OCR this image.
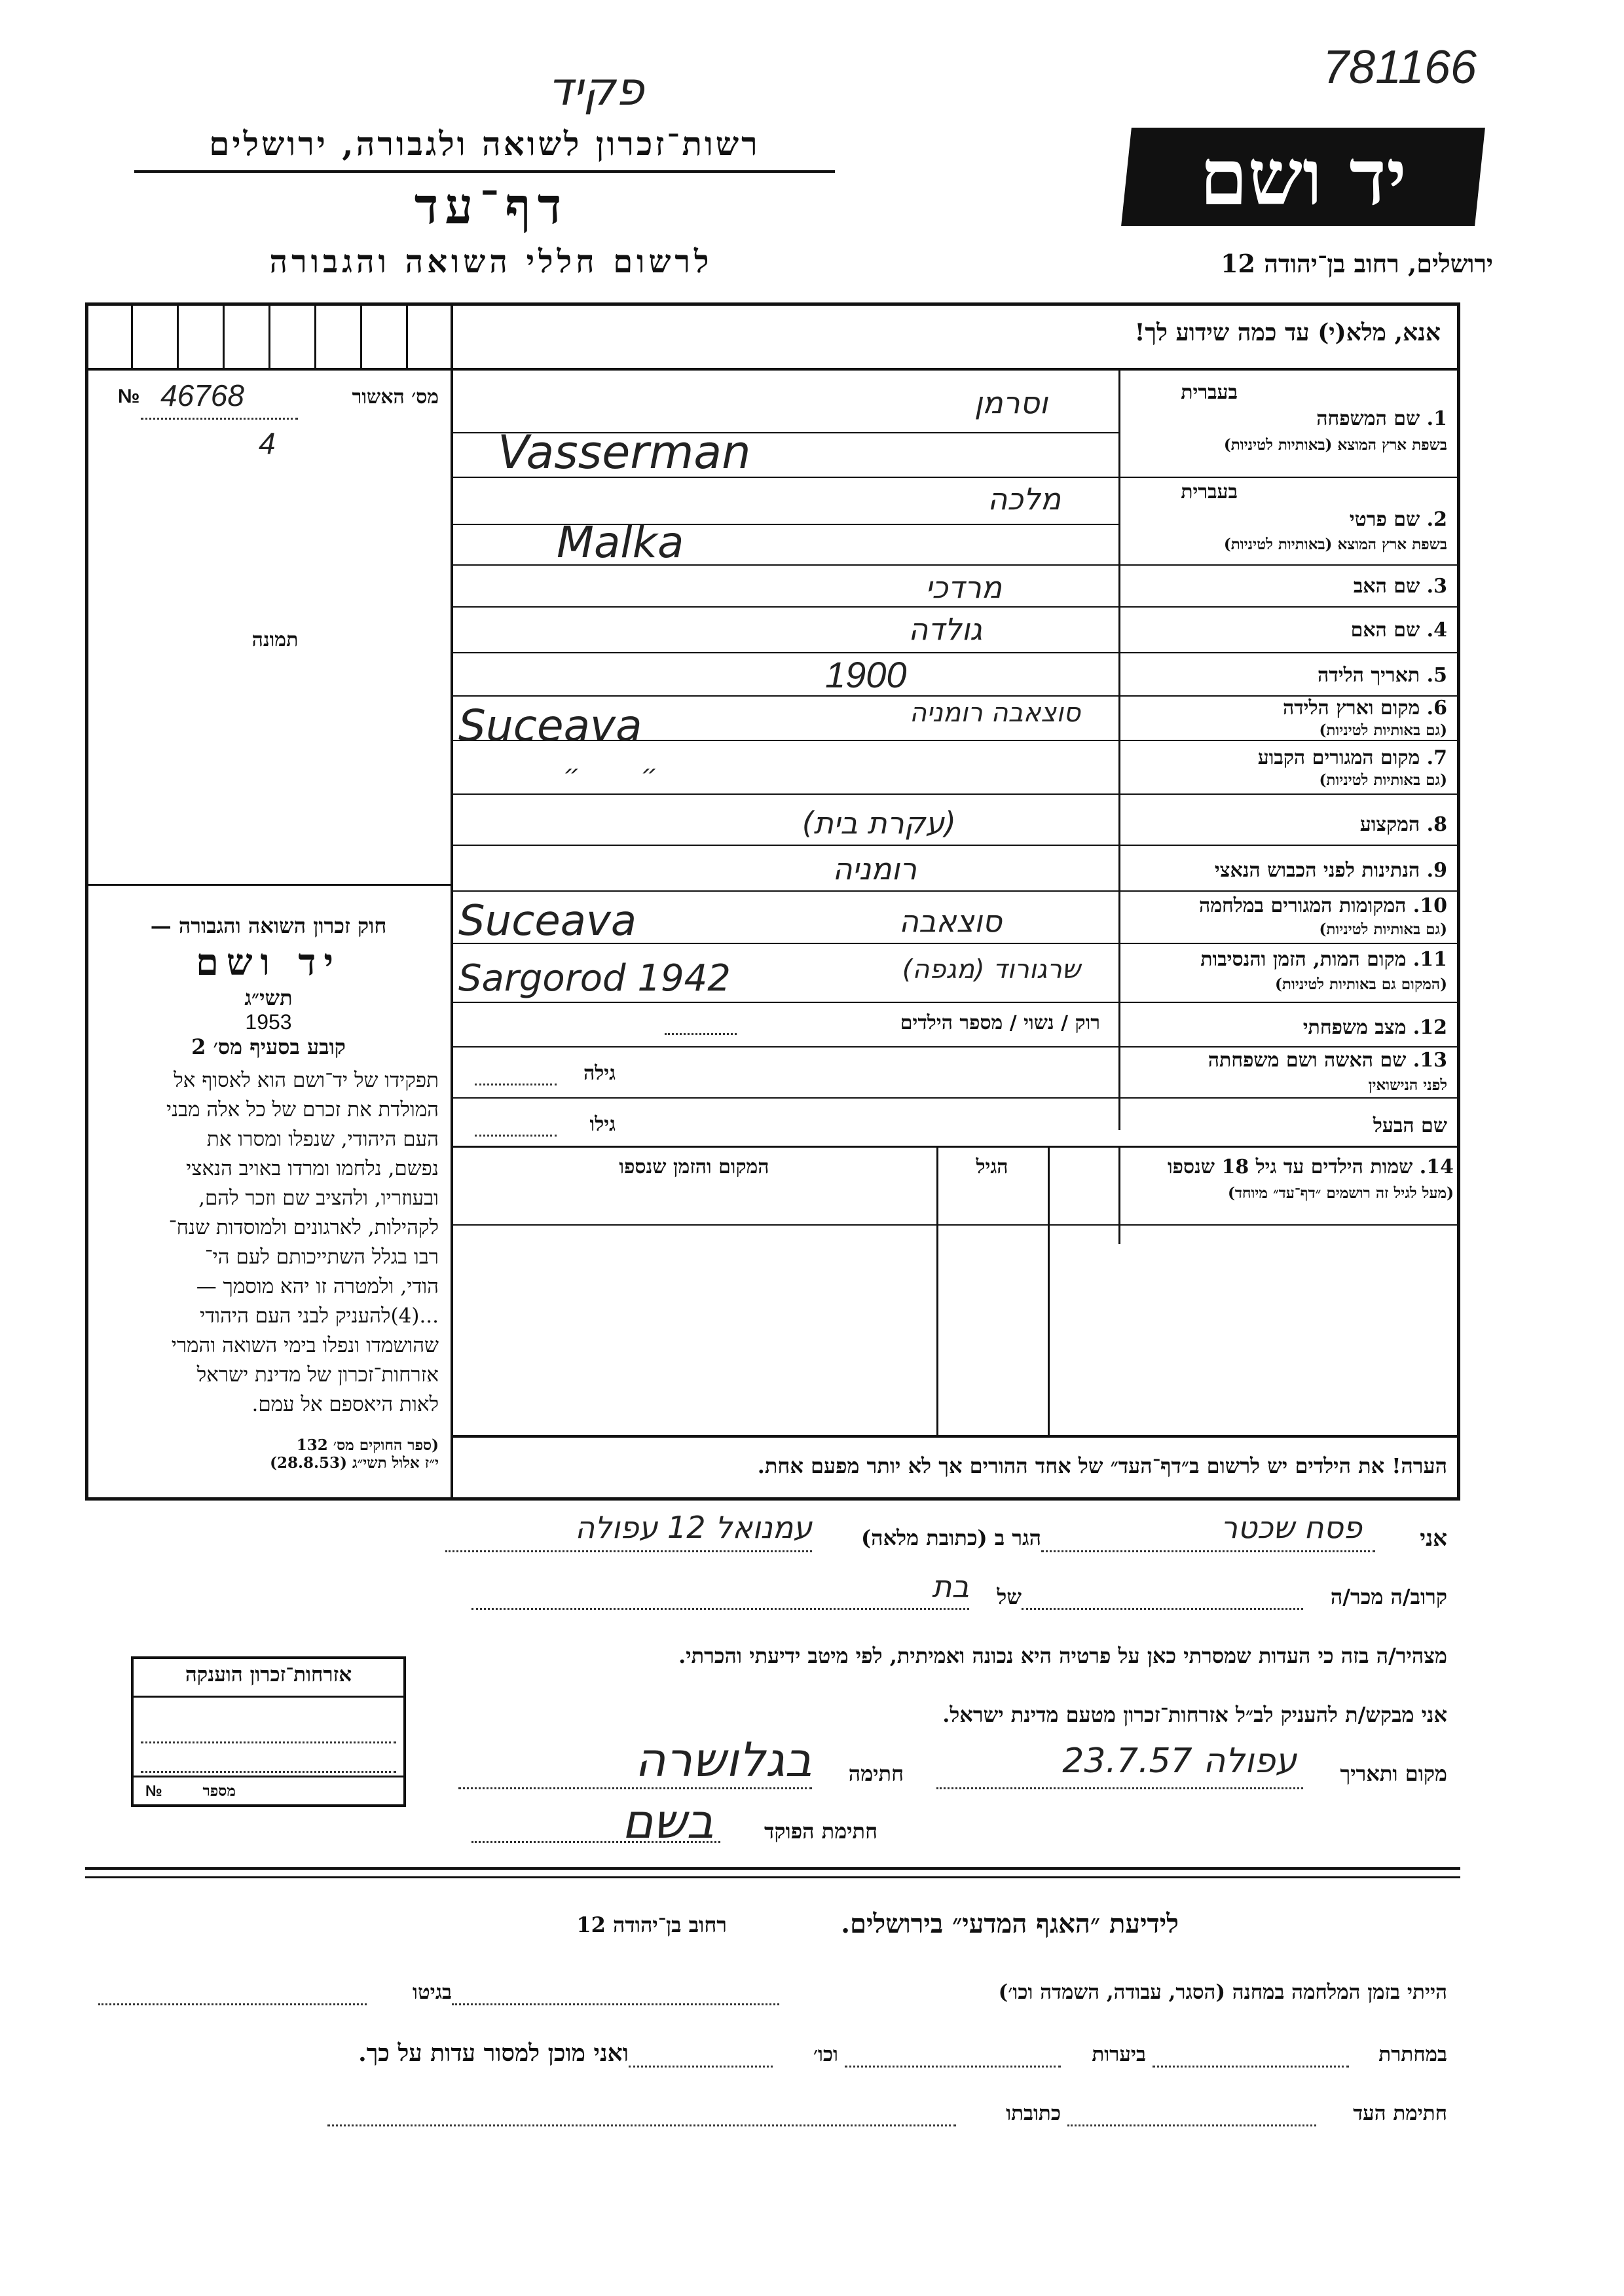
פקיד	781166
רשות־זכרון לשואה ולגבורה, ירושלים
דף־עד
לרשום חללי השואה והגבורה
יד ושם
ירושלים, רחוב בן־יהודה 12
אנא, מלא(י) עד כמה שידוע לך!
מס׳ האשור
46768
№
4
תמונה
חוק זכרון השואה והגבורה —
יד ושם
תשי״ג
1953
קובע בסעיף מס׳ 2
תפקידו של יד־ושם הוא לאסוף אל
המולדת את זכרם של כל אלה מבני
העם היהודי, שנפלו ומסרו את
נפשם, נלחמו ומרדו באויב הנאצי
ובעוזריו, ולהציב שם וזכר להם,
לקהילות, לארגונים ולמוסדות שנח־
רבו בגלל השתייכותם לעם הי־
הודי, ולמטרה זו יהא מוסמך —
...(4)להעניק לבני העם היהודי
שהושמדו ונפלו בימי השואה והמרי
אזרחות־זכרון של מדינת ישראל
לאות היאספם אל עמם.
(ספר החוקים מס׳ 132
י״ז אלול תשי״ג (28.8.53)
אזרחות־זכרון הוענקה
מספר
№
בעברית
1. שם המשפחה
בשפת ארץ המוצא (באותיות לטיניות)
וסרמן
Vasserman
בעברית
2. שם פרטי
בשפת ארץ המוצא (באותיות לטיניות)
מלכה
Malka
3. שם האב
מרדכי
4. שם האם
גולדה
5. תאריך הלידה
1900
6. מקום וארץ הלידה
(גם באותיות לטיניות)
סוצאבה רומניה
Suceava
7. מקום המגורים הקבוע
(גם באותיות לטיניות)
״ ״
8. המקצוע
(עקרת בית)
9. הנתינות לפני הכבוש הנאצי
רומניה
10. המקומות המגורים במלחמה
(גם באותיות לטיניות)
סוצאבה
Suceava
11. מקום המות, הזמן והנסיבות
(המקום גם באותיות לטיניות)
Sargorod 1942	שרגורוד (מגפה)
12. מצב משפחתי
רוק / נשוי / מספר הילדים
13. שם האשה ושם משפחתה
לפני הנישואין
גילה
שם הבעל
גילו
14. שמות הילדים עד גיל 18 שנספו
(מעל לגיל זה רושמים ״דף־עד״ מיוחד)
הגיל
המקום והזמן שנספו
הערה! את הילדים יש לרשום ב״דף־העד״ של אחד ההורים אך לא יותר מפעם אחת.
אני
פסח שכטר
הגר ב (כתובת מלאה)
עמנואל 12 עפולה
קרוב/ה מכר/ה
של
בת
מצהיר/ה בזה כי העדות שמסרתי כאן על פרטיה היא נכונה ואמיתית, לפי מיטב ידיעתי והכרתי.
אני מבקש/ת להעניק לב״ל אזרחות־זכרון מטעם מדינת ישראל.
מקום ותאריך
עפולה 23.7.57
חתימה
בגלושרה
חתימת הפוקד
בשם
לידיעת ״האגף המדעי״ בירושלים.
רחוב בן־יהודה 12
הייתי בזמן המלחמה במחנה (הסגר, עבודה, השמדה וכו׳)
בגיטו
במחתרת
ביערות
וכו׳
ואני מוכן למסור עדות על כך.
חתימת העד
כתובתו
